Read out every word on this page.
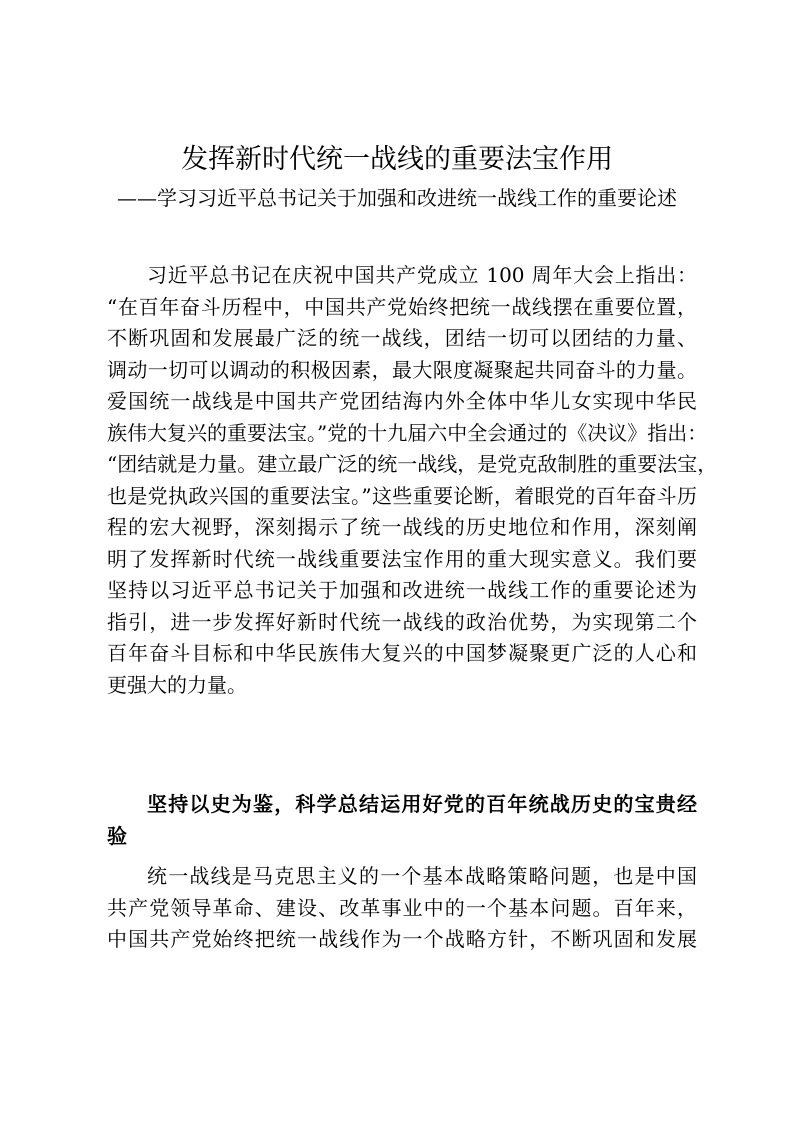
发挥新时代统一战线的重要法宝作用
——学习习近平总书记关于加强和改进统一战线工作的重要论述
习近平总书记在庆祝中国共产党成立 100 周年大会上指出：
“在百年奋斗历程中，中国共产党始终把统一战线摆在重要位置，
不断巩固和发展最广泛的统一战线，团结一切可以团结的力量、
调动一切可以调动的积极因素，最大限度凝聚起共同奋斗的力量。
爱国统一战线是中国共产党团结海内外全体中华儿女实现中华民
族伟大复兴的重要法宝。”党的十九届六中全会通过的《决议》指出：
“团结就是力量。建立最广泛的统一战线，是党克敌制胜的重要法宝，
也是党执政兴国的重要法宝。”这些重要论断，着眼党的百年奋斗历
程的宏大视野，深刻揭示了统一战线的历史地位和作用，深刻阐
明了发挥新时代统一战线重要法宝作用的重大现实意义。我们要
坚持以习近平总书记关于加强和改进统一战线工作的重要论述为
指引，进一步发挥好新时代统一战线的政治优势，为实现第二个
百年奋斗目标和中华民族伟大复兴的中国梦凝聚更广泛的人心和
更强大的力量。
坚持以史为鉴，科学总结运用好党的百年统战历史的宝贵经
验
统一战线是马克思主义的一个基本战略策略问题，也是中国
共产党领导革命、建设、改革事业中的一个基本问题。百年来，
中国共产党始终把统一战线作为一个战略方针，不断巩固和发展
